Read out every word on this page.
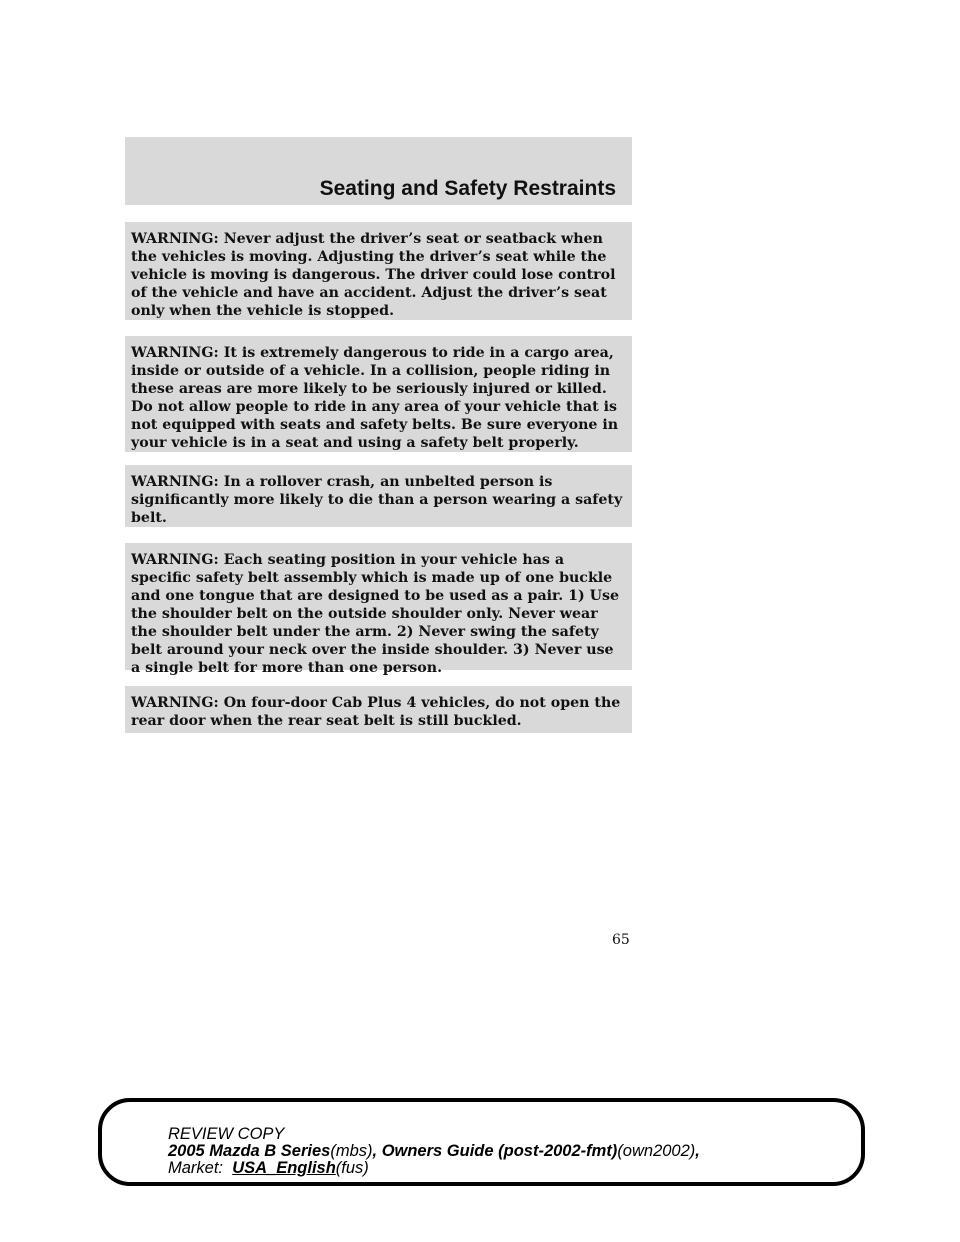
Seating and Safety Restraints
WARNING: Never adjust the driver’s seat or seatback when the vehicles is moving. Adjusting the driver’s seat while the vehicle is moving is dangerous. The driver could lose control of the vehicle and have an accident. Adjust the driver’s seat only when the vehicle is stopped.
WARNING: It is extremely dangerous to ride in a cargo area, inside or outside of a vehicle. In a collision, people riding in these areas are more likely to be seriously injured or killed. Do not allow people to ride in any area of your vehicle that is not equipped with seats and safety belts. Be sure everyone in your vehicle is in a seat and using a safety belt properly.
WARNING: In a rollover crash, an unbelted person is significantly more likely to die than a person wearing a safety belt.
WARNING: Each seating position in your vehicle has a specific safety belt assembly which is made up of one buckle and one tongue that are designed to be used as a pair. 1) Use the shoulder belt on the outside shoulder only. Never wear the shoulder belt under the arm. 2) Never swing the safety belt around your neck over the inside shoulder. 3) Never use a single belt for more than one person.
WARNING: On four-door Cab Plus 4 vehicles, do not open the rear door when the rear seat belt is still buckled.
65
REVIEW COPY
2005 Mazda B Series(mbs), Owners Guide (post-2002-fmt)(own2002),
Market: USA_English(fus)
